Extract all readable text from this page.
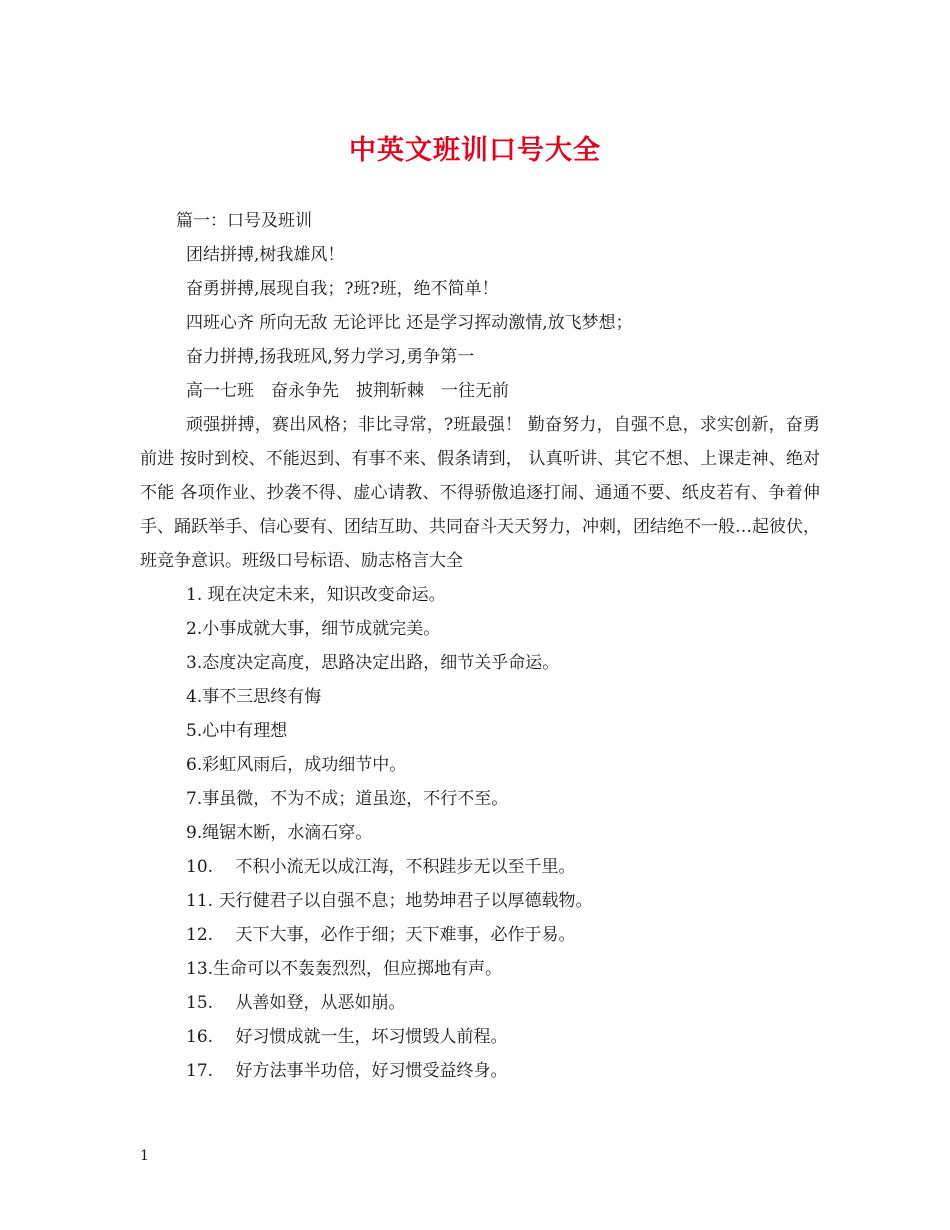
中英文班训口号大全
篇一：口号及班训
团结拼搏,树我雄风！
奋勇拼搏,展现自我；?班?班，绝不简单！
四班心齐 所向无敌 无论评比 还是学习挥动激情,放飞梦想；
奋力拼搏,扬我班风,努力学习,勇争第一
高一七班　奋永争先　披荆斩棘　一往无前
顽强拼搏，赛出风格；非比寻常，?班最强！ 勤奋努力，自强不息，求实创新，奋勇前进 按时到校、不能迟到、有事不来、假条请到， 认真听讲、其它不想、上课走神、绝对不能 各项作业、抄袭不得、虚心请教、不得骄傲追逐打闹、通通不要、纸皮若有、争着伸手、踊跃举手、信心要有、团结互助、共同奋斗天天努力，冲刺，团结绝不一般…起彼伏，班竞争意识。班级口号标语、励志格言大全
1. 现在决定未来，知识改变命运。
2.小事成就大事，细节成就完美。
3.态度决定高度，思路决定出路，细节关乎命运。
4.事不三思终有悔
5.心中有理想
6.彩虹风雨后，成功细节中。
7.事虽微，不为不成；道虽迩，不行不至。
9.绳锯木断，水滴石穿。
10.　 不积小流无以成江海，不积跬步无以至千里。
11. 天行健君子以自强不息；地势坤君子以厚德载物。
12.　 天下大事，必作于细；天下难事，必作于易。
13.生命可以不轰轰烈烈，但应掷地有声。
15.　 从善如登，从恶如崩。
16.　 好习惯成就一生，坏习惯毁人前程。
17.　 好方法事半功倍，好习惯受益终身。
1
